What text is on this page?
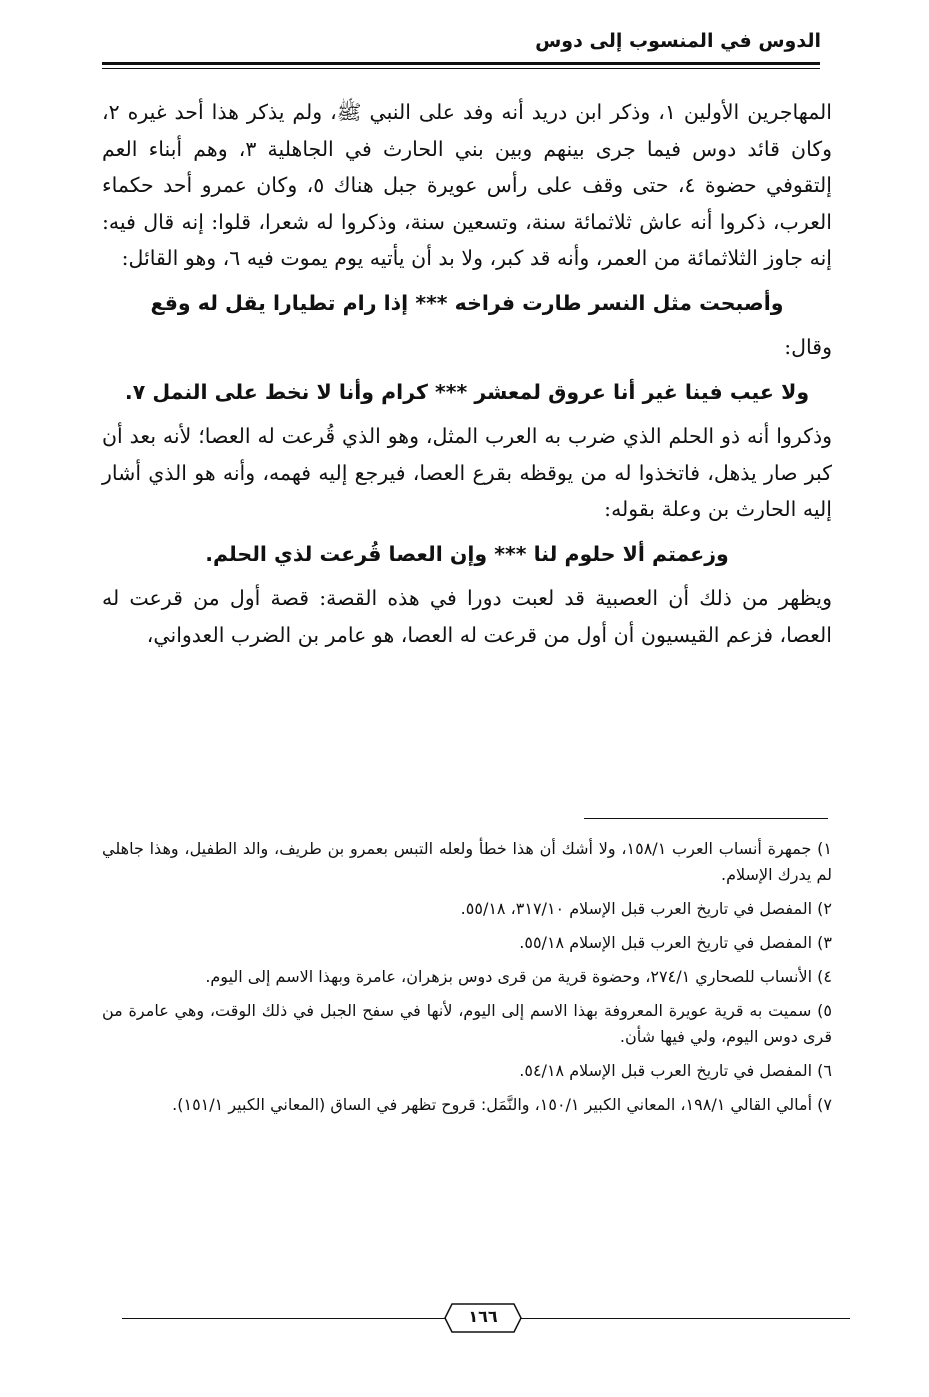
الدوس في المنسوب إلى دوس

المهاجرين الأولين ١، وذكر ابن دريد أنه وفد على النبي ﷺ، ولم يذكر هذا أحد غيره ٢، وكان قائد دوس فيما جرى بينهم وبين بني الحارث في الجاهلية ٣، وهم أبناء العم إلتقوفي حضوة ٤، حتى وقف على رأس عويرة جبل هناك ٥، وكان عمرو أحد حكماء العرب، ذكروا أنه عاش ثلاثمائة سنة، وتسعين سنة، وذكروا له شعرا، قلوا: إنه قال فيه: إنه جاوز الثلاثمائة من العمر، وأنه قد كبر، ولا بد أن يأتيه يوم يموت فيه ٦، وهو القائل:

وأصبحت مثل النسر طارت فراخه *** إذا رام تطيارا يقل له وقع

وقال:

ولا عيب فينا غير أنا عروق لمعشر *** كرام وأنا لا نخط على النمل ٧.

وذكروا أنه ذو الحلم الذي ضرب به العرب المثل، وهو الذي قُرعت له العصا؛ لأنه بعد أن كبر صار يذهل، فاتخذوا له من يوقظه بقرع العصا، فيرجع إليه فهمه، وأنه هو الذي أشار إليه الحارث بن وعلة بقوله:

وزعمتم ألا حلوم لنا *** وإن العصا قُرعت لذي الحلم.

ويظهر من ذلك أن العصبية قد لعبت دورا في هذه القصة: قصة أول من قرعت له العصا، فزعم القيسيون أن أول من قرعت له العصا، هو عامر بن الضرب العدواني،

١) جمهرة أنساب العرب ١٥٨/١، ولا أشك أن هذا خطأ ولعله التبس بعمرو بن طريف، والد الطفيل، وهذا جاهلي لم يدرك الإسلام.

٢) المفصل في تاريخ العرب قبل الإسلام ٣١٧/١٠، ٥٥/١٨.

٣) المفصل في تاريخ العرب قبل الإسلام ٥٥/١٨.

٤) الأنساب للصحاري ٢٧٤/١، وحضوة قرية من قرى دوس بزهران، عامرة وبهذا الاسم إلى اليوم.

٥) سميت به قرية عويرة المعروفة بهذا الاسم إلى اليوم، لأنها في سفح الجبل في ذلك الوقت، وهي عامرة من قرى دوس اليوم، ولي فيها شأن.

٦) المفصل في تاريخ العرب قبل الإسلام ٥٤/١٨.

٧) أمالي القالي ١٩٨/١، المعاني الكبير ١٥٠/١، والنَّمَل: قروح تظهر في الساق (المعاني الكبير ١٥١/١).

١٦٦
